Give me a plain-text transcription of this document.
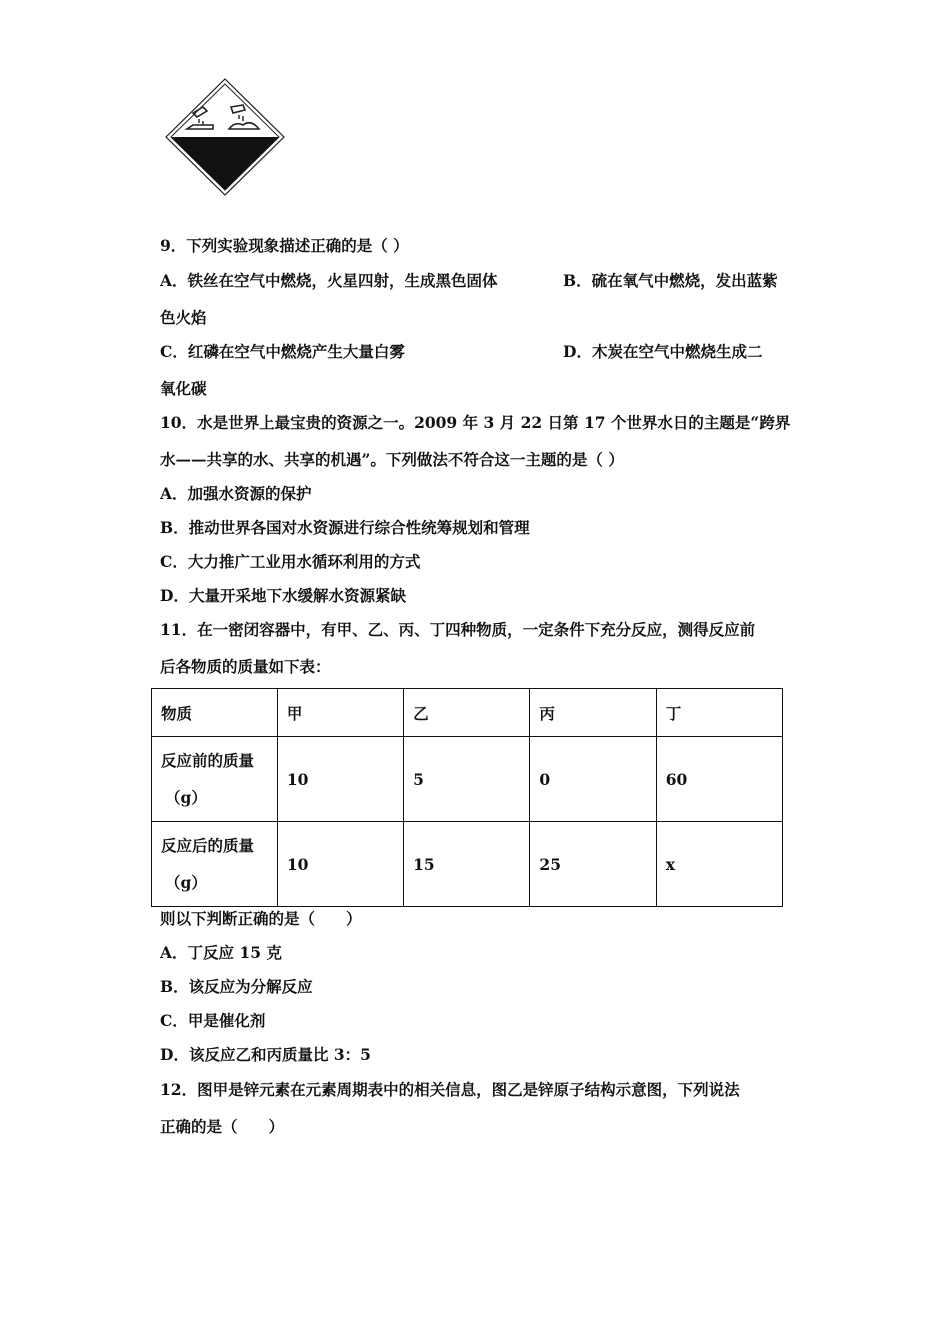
9．下列实验现象描述正确的是（ ）
A．铁丝在空气中燃烧，火星四射，生成黑色固体	B．硫在氧气中燃烧，发出蓝紫
色火焰
C．红磷在空气中燃烧产生大量白雾	D．木炭在空气中燃烧生成二
氧化碳
10．水是世界上最宝贵的资源之一。2009 年 3 月 22 日第 17 个世界水日的主题是“跨界
水——共享的水、共享的机遇”。下列做法不符合这一主题的是（ ）
A．加强水资源的保护
B．推动世界各国对水资源进行综合性统筹规划和管理
C．大力推广工业用水循环利用的方式
D．大量开采地下水缓解水资源紧缺
11．在一密闭容器中，有甲、乙、丙、丁四种物质，一定条件下充分反应，测得反应前
后各物质的质量如下表：
物质	甲	乙	丙	丁

反应前的质量
（g）	10	5	0	60

反应后的质量
（g）	10	15	25	x
则以下判断正确的是（　　）
A．丁反应 15 克
B．该反应为分解反应
C．甲是催化剂
D．该反应乙和丙质量比 3：5
12．图甲是锌元素在元素周期表中的相关信息，图乙是锌原子结构示意图，下列说法
正确的是（　　）
